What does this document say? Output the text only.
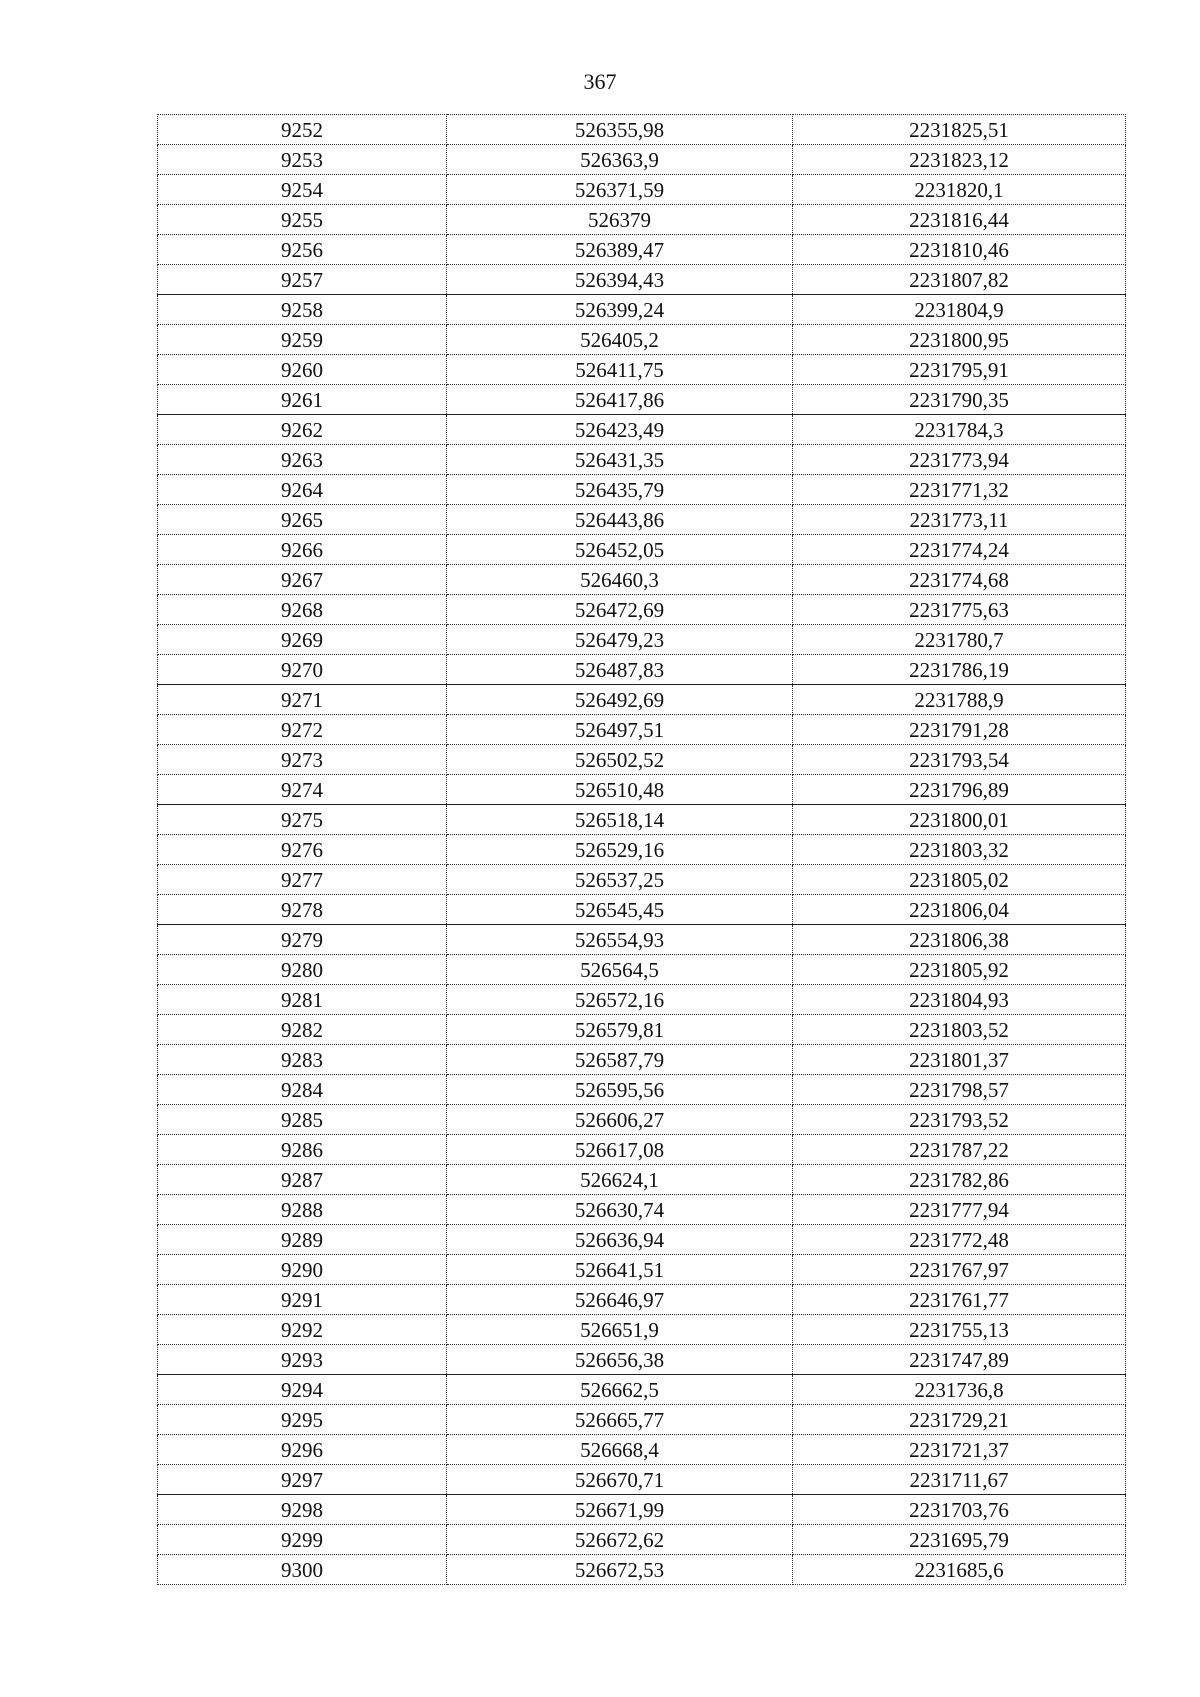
367
9252	526355,98	2231825,51
9253	526363,9	2231823,12
9254	526371,59	2231820,1
9255	526379	2231816,44
9256	526389,47	2231810,46
9257	526394,43	2231807,82
9258	526399,24	2231804,9
9259	526405,2	2231800,95
9260	526411,75	2231795,91
9261	526417,86	2231790,35
9262	526423,49	2231784,3
9263	526431,35	2231773,94
9264	526435,79	2231771,32
9265	526443,86	2231773,11
9266	526452,05	2231774,24
9267	526460,3	2231774,68
9268	526472,69	2231775,63
9269	526479,23	2231780,7
9270	526487,83	2231786,19
9271	526492,69	2231788,9
9272	526497,51	2231791,28
9273	526502,52	2231793,54
9274	526510,48	2231796,89
9275	526518,14	2231800,01
9276	526529,16	2231803,32
9277	526537,25	2231805,02
9278	526545,45	2231806,04
9279	526554,93	2231806,38
9280	526564,5	2231805,92
9281	526572,16	2231804,93
9282	526579,81	2231803,52
9283	526587,79	2231801,37
9284	526595,56	2231798,57
9285	526606,27	2231793,52
9286	526617,08	2231787,22
9287	526624,1	2231782,86
9288	526630,74	2231777,94
9289	526636,94	2231772,48
9290	526641,51	2231767,97
9291	526646,97	2231761,77
9292	526651,9	2231755,13
9293	526656,38	2231747,89
9294	526662,5	2231736,8
9295	526665,77	2231729,21
9296	526668,4	2231721,37
9297	526670,71	2231711,67
9298	526671,99	2231703,76
9299	526672,62	2231695,79
9300	526672,53	2231685,6
